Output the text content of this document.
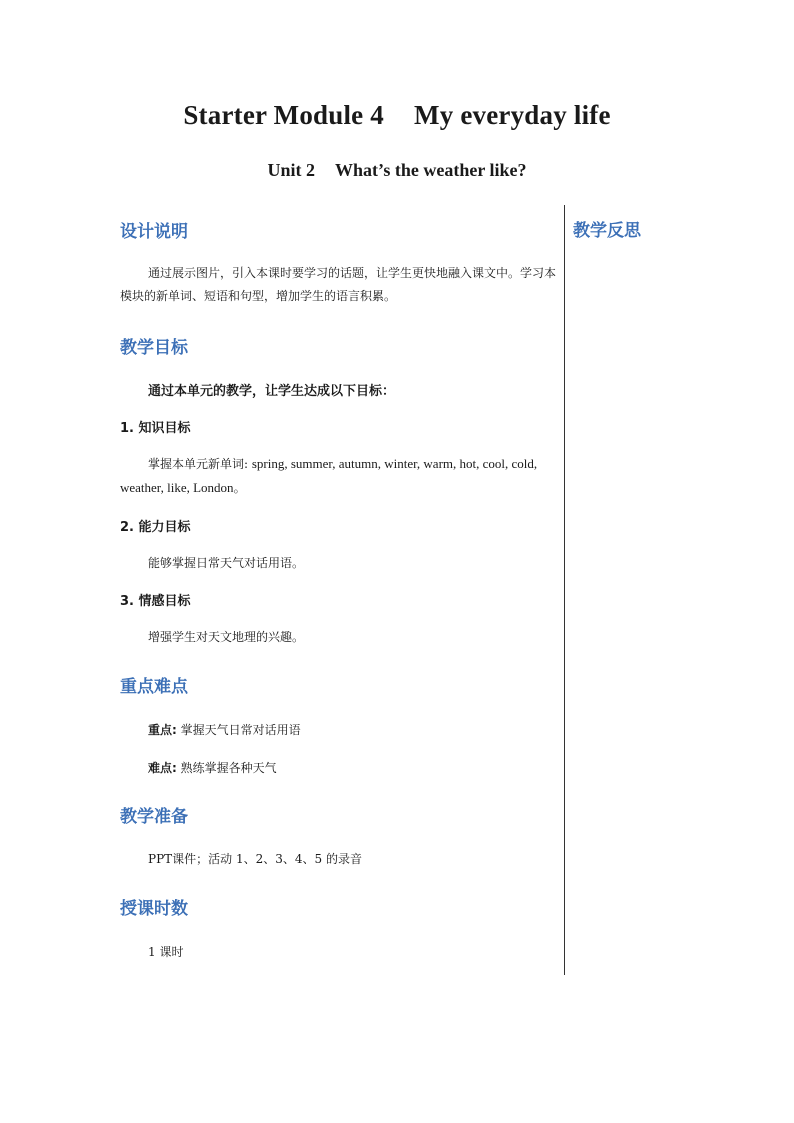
Starter Module 4 My everyday life
Unit 2 What’s the weather like?
设计说明
通过展示图片，引入本课时要学习的话题，让学生更快地融入课文中。学习本模块的新单词、短语和句型，增加学生的语言积累。
教学目标
通过本单元的教学，让学生达成以下目标：
1. 知识目标
掌握本单元新单词: spring, summer, autumn, winter, warm, hot, cool, cold, weather, like, London。
2. 能力目标
能够掌握日常天气对话用语。
3. 情感目标
增强学生对天文地理的兴趣。
重点难点
重点: 掌握天气日常对话用语
难点: 熟练掌握各种天气
教学准备
PPT课件；活动 1、2、3、4、5 的录音
授课时数
1 课时
教学反思
